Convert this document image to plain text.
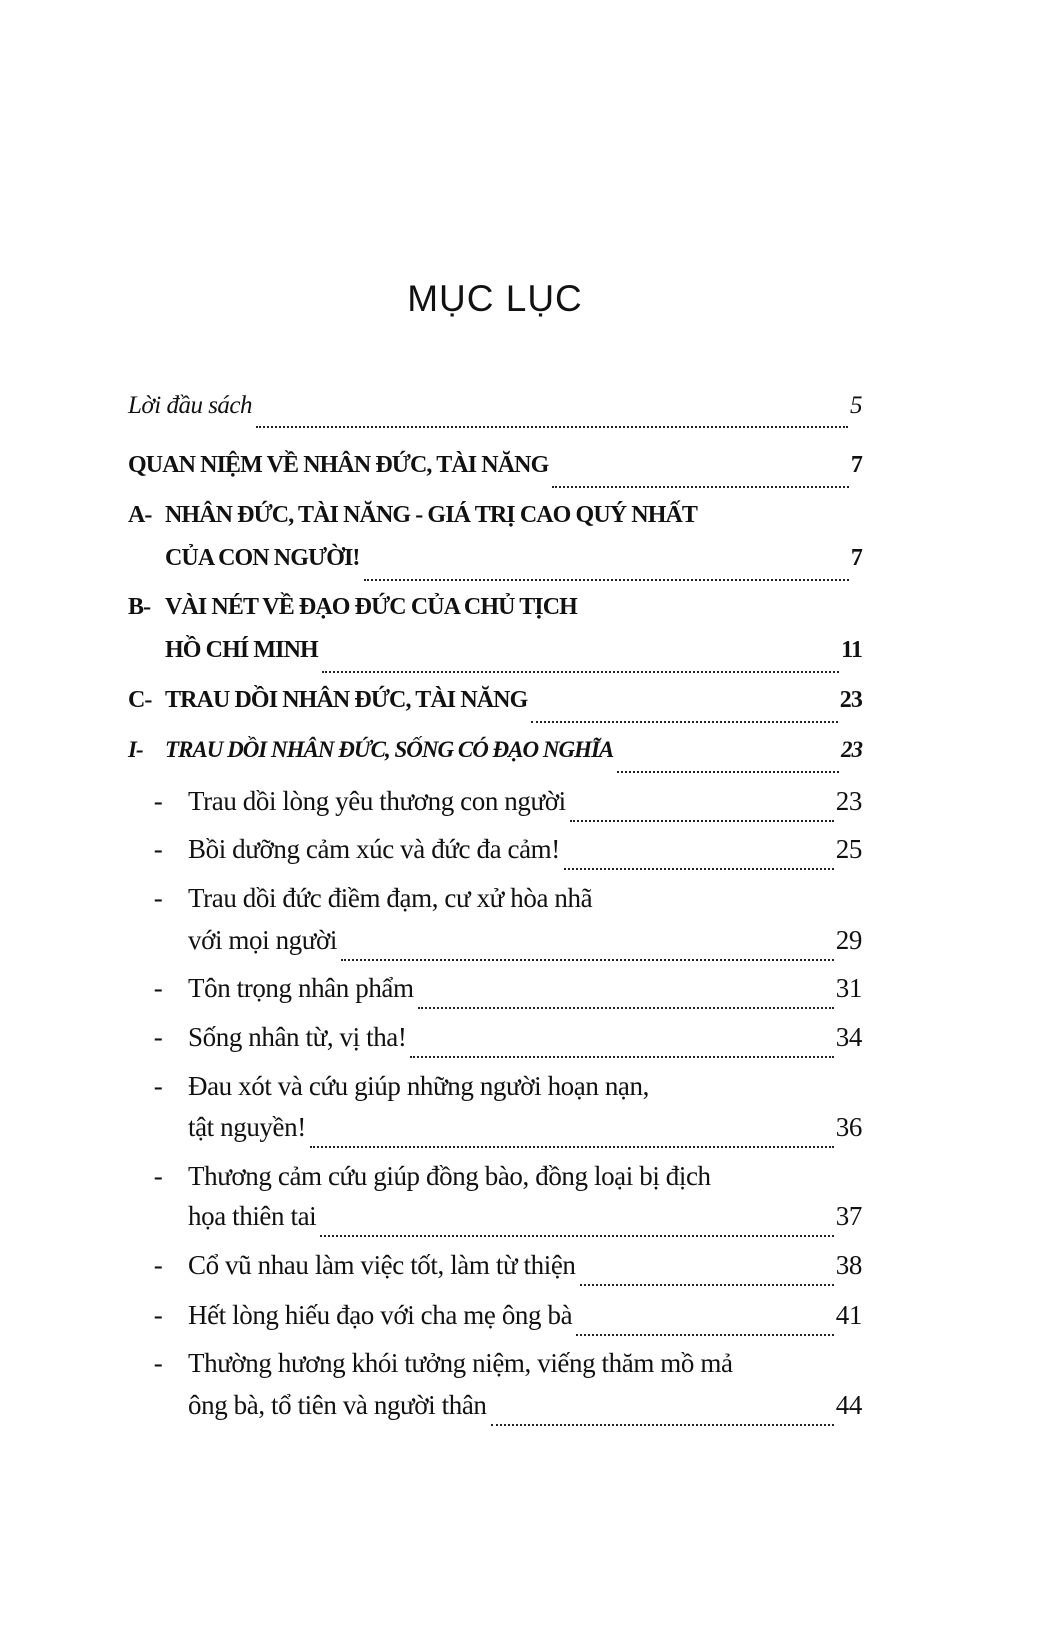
MỤC LỤC
Lời đầu sách	5
QUAN NIỆM VỀ NHÂN ĐỨC, TÀI NĂNG	7
A- NHÂN ĐỨC, TÀI NĂNG - GIÁ TRỊ CAO QUÝ NHẤT
CỦA CON NGƯỜI!	7
B- VÀI NÉT VỀ ĐẠO ĐỨC CỦA CHỦ TỊCH
HỒ CHÍ MINH	11
C- TRAU DỒI NHÂN ĐỨC, TÀI NĂNG	23
I- TRAU DỒI NHÂN ĐỨC, SỐNG CÓ ĐẠO NGHĨA	23
- Trau dồi lòng yêu thương con người	23
- Bồi dưỡng cảm xúc và đức đa cảm!	25
- Trau dồi đức điềm đạm, cư xử hòa nhã
với mọi người	29
- Tôn trọng nhân phẩm	31
- Sống nhân từ, vị tha!	34
- Đau xót và cứu giúp những người hoạn nạn,
tật nguyền!	36
- Thương cảm cứu giúp đồng bào, đồng loại bị địch
họa thiên tai	37
- Cổ vũ nhau làm việc tốt, làm từ thiện	38
- Hết lòng hiếu đạo với cha mẹ ông bà	41
- Thường hương khói tưởng niệm, viếng thăm mồ mả
ông bà, tổ tiên và người thân	44
